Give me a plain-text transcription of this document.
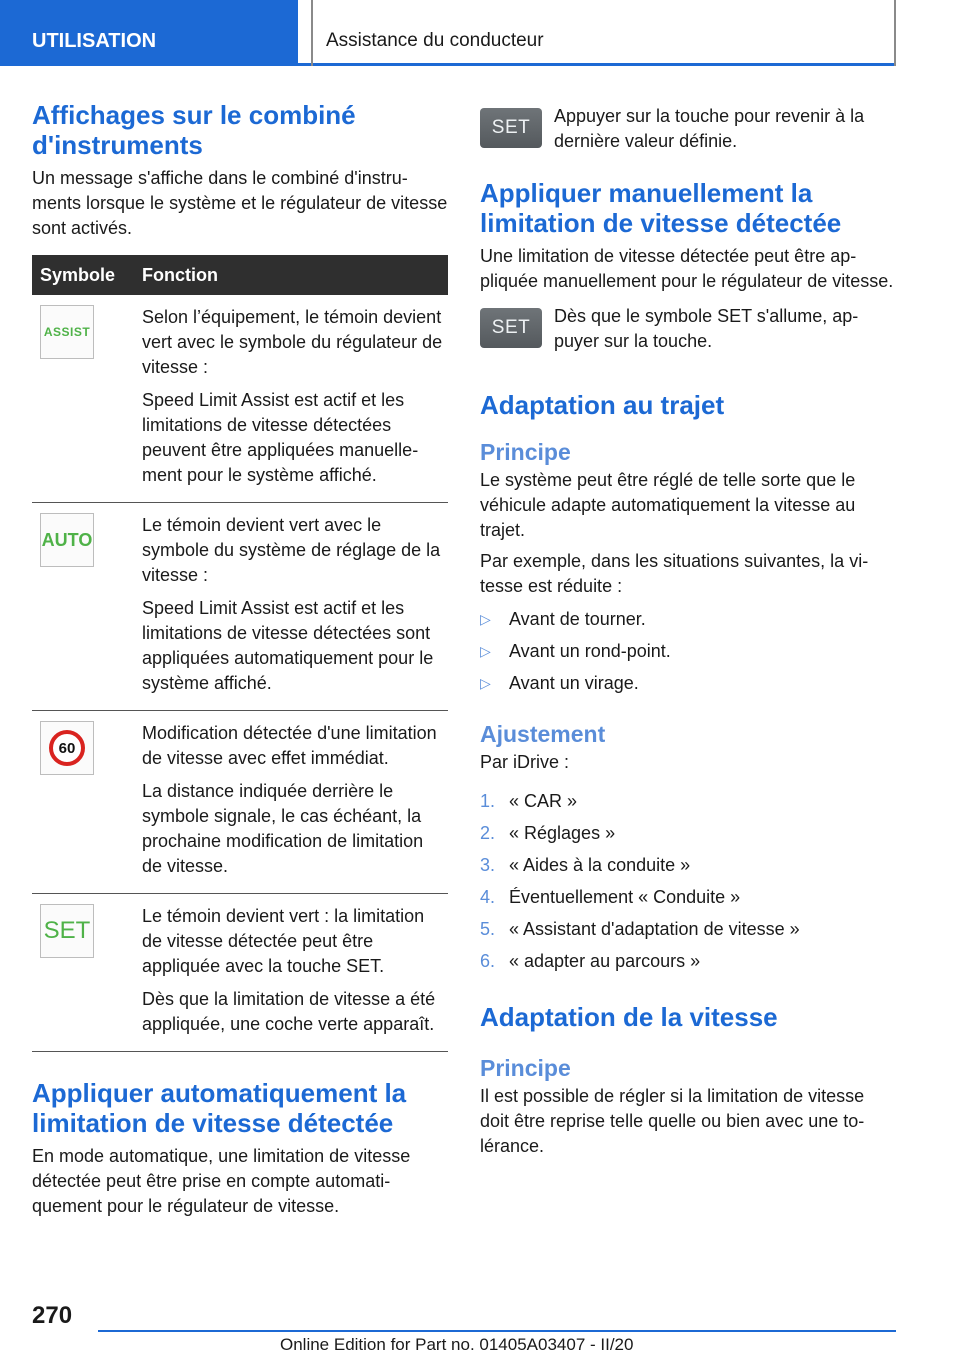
UTILISATION	Assistance du conducteur
Affichages sur le combiné d'instruments

Un message s'affiche dans le combiné d'instruments lorsque le système et le régulateur de vitesse sont activés.

Symbole	Fonction

ASSIST	Selon l’équipement, le témoin devient vert avec le symbole du régulateur de vitesse :

Speed Limit Assist est actif et les limitations de vitesse détectées peuvent être appliquées manuellement pour le système affiché.

AUTO	Le témoin devient vert avec le symbole du système de réglage de la vitesse :

Speed Limit Assist est actif et les limitations de vitesse détectées sont appliquées automatiquement pour le système affiché.

60	Modification détectée d'une limitation de vitesse avec effet immédiat.

La distance indiquée derrière le symbole signale, le cas échéant, la prochaine modification de limitation de vitesse.

SET	Le témoin devient vert : la limitation de vitesse détectée peut être appliquée avec la touche SET.

Dès que la limitation de vitesse a été appliquée, une coche verte apparaît.

Appliquer automatiquement la limitation de vitesse détectée

En mode automatique, une limitation de vitesse détectée peut être prise en compte automatiquement pour le régulateur de vitesse.

SET

Appuyer sur la touche pour revenir à la dernière valeur définie.

Appliquer manuellement la limitation de vitesse détectée

Une limitation de vitesse détectée peut être appliquée manuellement pour le régulateur de vitesse.

SET

Dès que le symbole SET s'allume, appuyer sur la touche.

Adaptation au trajet
Principe

Le système peut être réglé de telle sorte que le véhicule adapte automatiquement la vitesse au trajet.

Par exemple, dans les situations suivantes, la vitesse est réduite :

▷ Avant de tourner.
▷ Avant un rond-point.
▷ Avant un virage.
Ajustement

Par iDrive :

1. « CAR »
2. « Réglages »
3. « Aides à la conduite »
4. Éventuellement « Conduite »
5. « Assistant d'adaptation de vitesse »
6. « adapter au parcours »
Adaptation de la vitesse
Principe

Il est possible de régler si la limitation de vitesse doit être reprise telle quelle ou bien avec une tolérance.

270
Online Edition for Part no. 01405A03407 - II/20
